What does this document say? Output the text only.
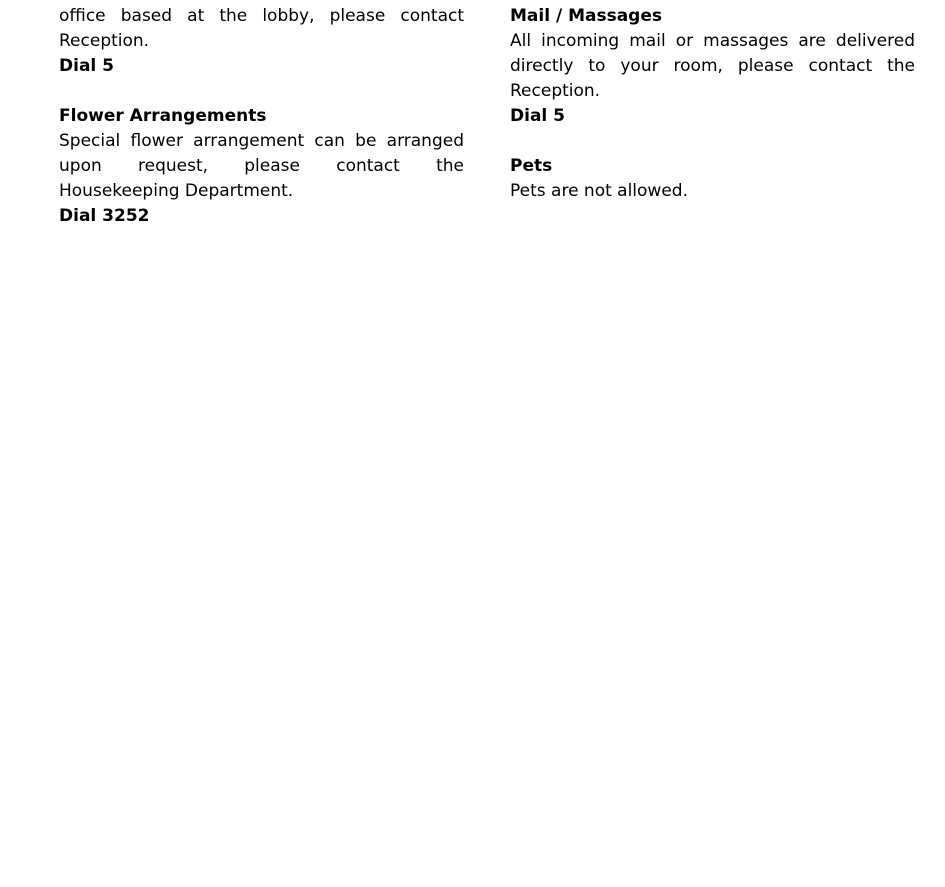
office based at the lobby, please contact Reception.
Dial 5
Flower Arrangements
Special flower arrangement can be arranged upon request, please contact the Housekeeping Department.
Dial 3252
Mail / Massages
All incoming mail or massages are delivered directly to your room, please contact the Reception.
Dial 5
Pets
Pets are not allowed.
